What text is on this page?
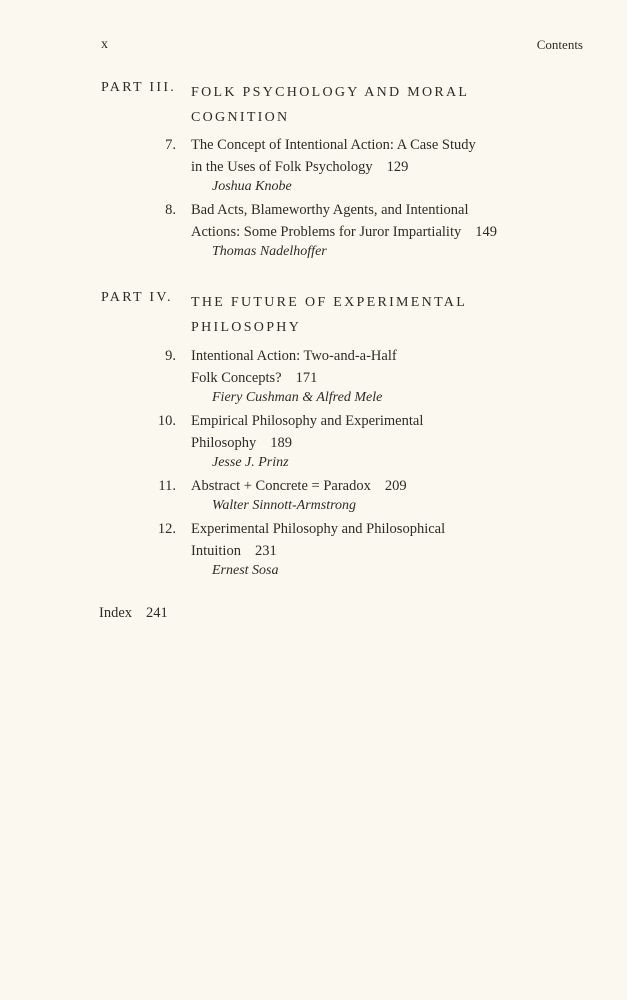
x	Contents
PART III. FOLK PSYCHOLOGY AND MORAL COGNITION
7. The Concept of Intentional Action: A Case Study
in the Uses of Folk Psychology 129
Joshua Knobe
8. Bad Acts, Blameworthy Agents, and Intentional
Actions: Some Problems for Juror Impartiality 149
Thomas Nadelhoffer
PART IV. THE FUTURE OF EXPERIMENTAL PHILOSOPHY
9. Intentional Action: Two-and-a-Half
Folk Concepts? 171
Fiery Cushman & Alfred Mele
10. Empirical Philosophy and Experimental
Philosophy 189
Jesse J. Prinz
11. Abstract + Concrete = Paradox 209
Walter Sinnott-Armstrong
12. Experimental Philosophy and Philosophical
Intuition 231
Ernest Sosa
Index 241
